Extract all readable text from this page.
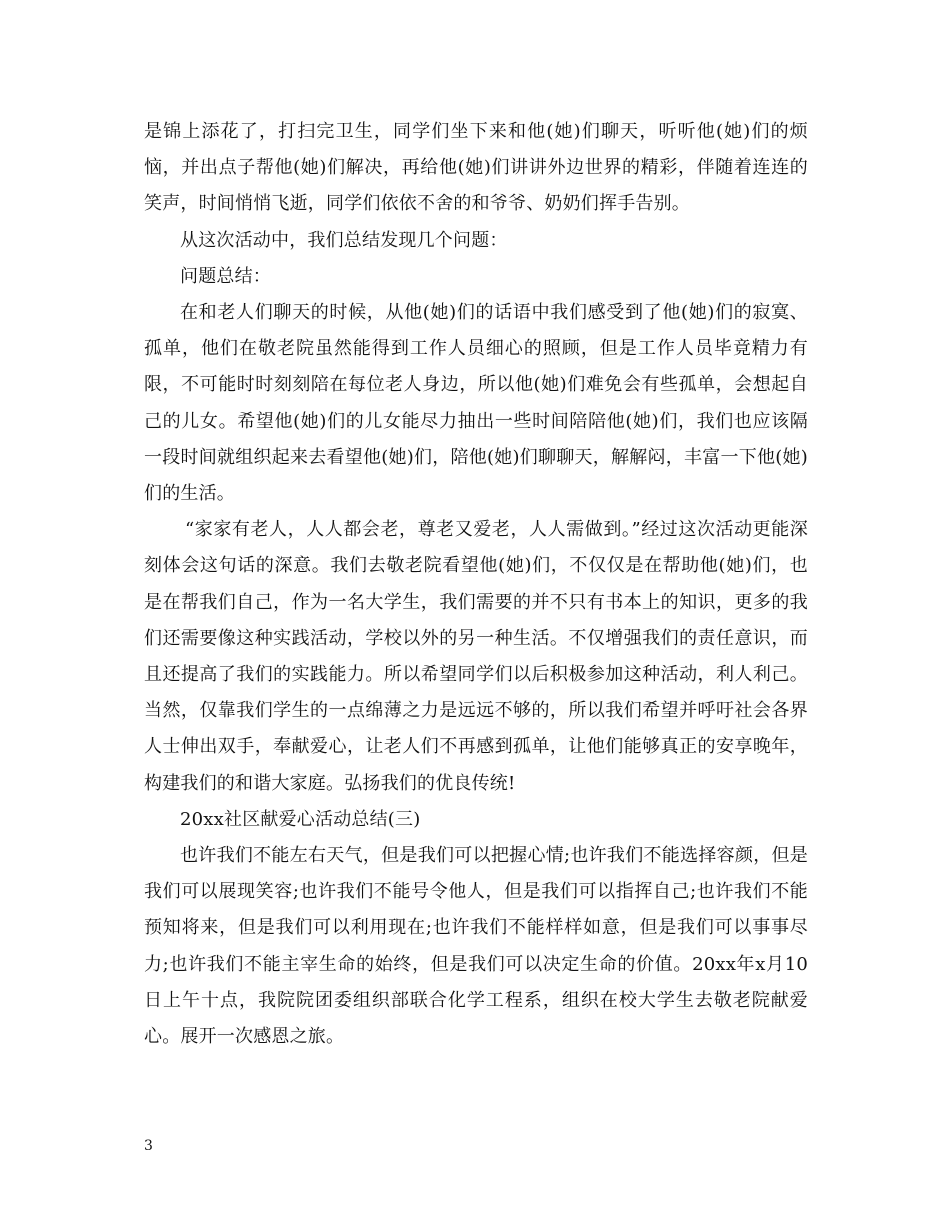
是锦上添花了，打扫完卫生，同学们坐下来和他(她)们聊天，听听他(她)们的烦恼，并出点子帮他(她)们解决，再给他(她)们讲讲外边世界的精彩，伴随着连连的笑声，时间悄悄飞逝，同学们依依不舍的和爷爷、奶奶们挥手告别。

从这次活动中，我们总结发现几个问题：

问题总结：

在和老人们聊天的时候，从他(她)们的话语中我们感受到了他(她)们的寂寞、孤单，他们在敬老院虽然能得到工作人员细心的照顾，但是工作人员毕竟精力有限，不可能时时刻刻陪在每位老人身边，所以他(她)们难免会有些孤单，会想起自己的儿女。希望他(她)们的儿女能尽力抽出一些时间陪陪他(她)们，我们也应该隔一段时间就组织起来去看望他(她)们，陪他(她)们聊聊天，解解闷，丰富一下他(她)们的生活。

“家家有老人，人人都会老，尊老又爱老，人人需做到。”经过这次活动更能深刻体会这句话的深意。我们去敬老院看望他(她)们，不仅仅是在帮助他(她)们，也是在帮我们自己，作为一名大学生，我们需要的并不只有书本上的知识，更多的我们还需要像这种实践活动，学校以外的另一种生活。不仅增强我们的责任意识，而且还提高了我们的实践能力。所以希望同学们以后积极参加这种活动，利人利己。当然，仅靠我们学生的一点绵薄之力是远远不够的，所以我们希望并呼吁社会各界人士伸出双手，奉献爱心，让老人们不再感到孤单，让他们能够真正的安享晚年，构建我们的和谐大家庭。弘扬我们的优良传统!

20xx社区献爱心活动总结(三)

也许我们不能左右天气，但是我们可以把握心情;也许我们不能选择容颜，但是我们可以展现笑容;也许我们不能号令他人，但是我们可以指挥自己;也许我们不能预知将来，但是我们可以利用现在;也许我们不能样样如意，但是我们可以事事尽力;也许我们不能主宰生命的始终，但是我们可以决定生命的价值。20xx年x月10日上午十点，我院院团委组织部联合化学工程系，组织在校大学生去敬老院献爱心。展开一次感恩之旅。

3
